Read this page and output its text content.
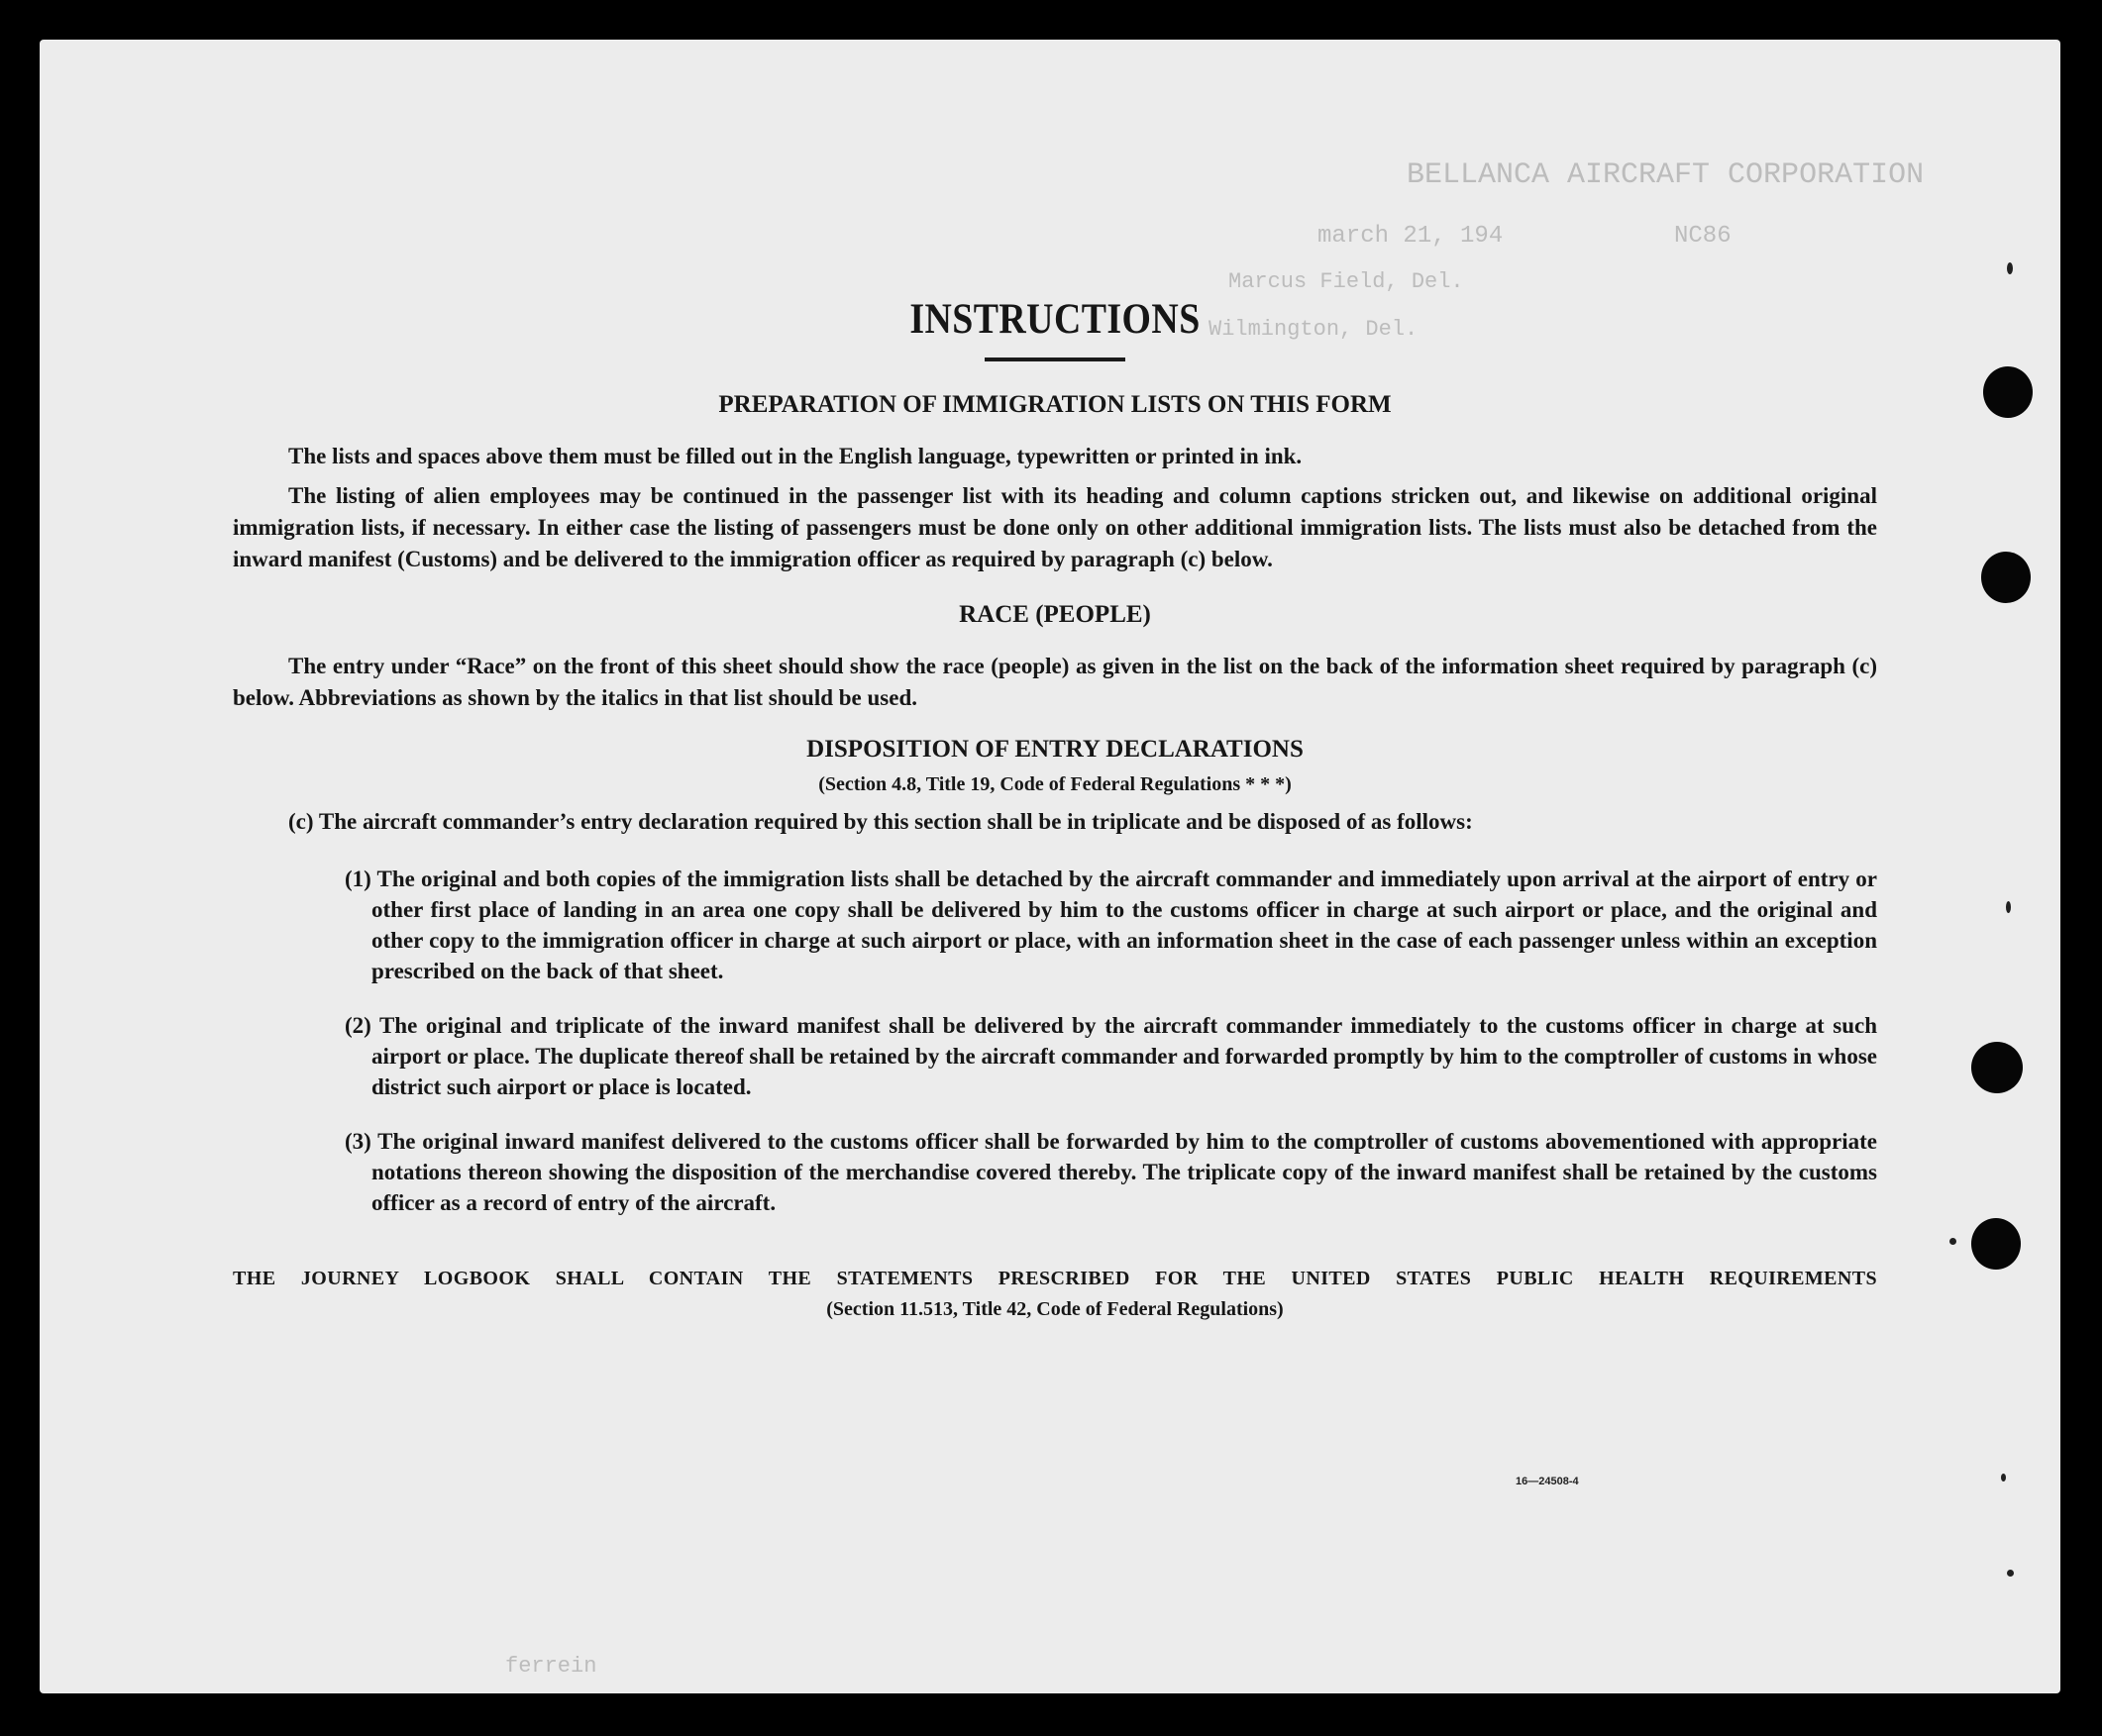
BELLANCA AIRCRAFT CORPORATION
march 21, 194	NC86
Marcus Field, Del.
Wilmington, Del.
ferrein
INSTRUCTIONS
PREPARATION OF IMMIGRATION LISTS ON THIS FORM

The lists and spaces above them must be filled out in the English language, typewritten or printed in ink.

The listing of alien employees may be continued in the passenger list with its heading and column captions stricken out, and likewise on additional original immigration lists, if necessary. In either case the listing of passengers must be done only on other additional immigration lists. The lists must also be detached from the inward manifest (Customs) and be delivered to the immigration officer as required by paragraph (c) below.

RACE (PEOPLE)

The entry under “Race” on the front of this sheet should show the race (people) as given in the list on the back of the information sheet required by paragraph (c) below. Abbreviations as shown by the italics in that list should be used.

DISPOSITION OF ENTRY DECLARATIONS

(Section 4.8, Title 19, Code of Federal Regulations * * *)

(c) The aircraft commander’s entry declaration required by this section shall be in triplicate and be disposed of as follows:

(1) The original and both copies of the immigration lists shall be detached by the aircraft commander and immediately upon arrival at the airport of entry or other first place of landing in an area one copy shall be delivered by him to the customs officer in charge at such airport or place, and the original and other copy to the immigration officer in charge at such airport or place, with an information sheet in the case of each passenger unless within an exception prescribed on the back of that sheet.

(2) The original and triplicate of the inward manifest shall be delivered by the aircraft commander immediately to the customs officer in charge at such airport or place. The duplicate thereof shall be retained by the aircraft commander and forwarded promptly by him to the comptroller of customs in whose district such airport or place is located.

(3) The original inward manifest delivered to the customs officer shall be forwarded by him to the comptroller of customs abovementioned with appropriate notations thereon showing the disposition of the merchandise covered thereby. The triplicate copy of the inward manifest shall be retained by the customs officer as a record of entry of the aircraft.

THE JOURNEY LOGBOOK SHALL CONTAIN THE STATEMENTS PRESCRIBED FOR THE UNITED STATES PUBLIC HEALTH REQUIREMENTS

(Section 11.513, Title 42, Code of Federal Regulations)

16—24508-4
